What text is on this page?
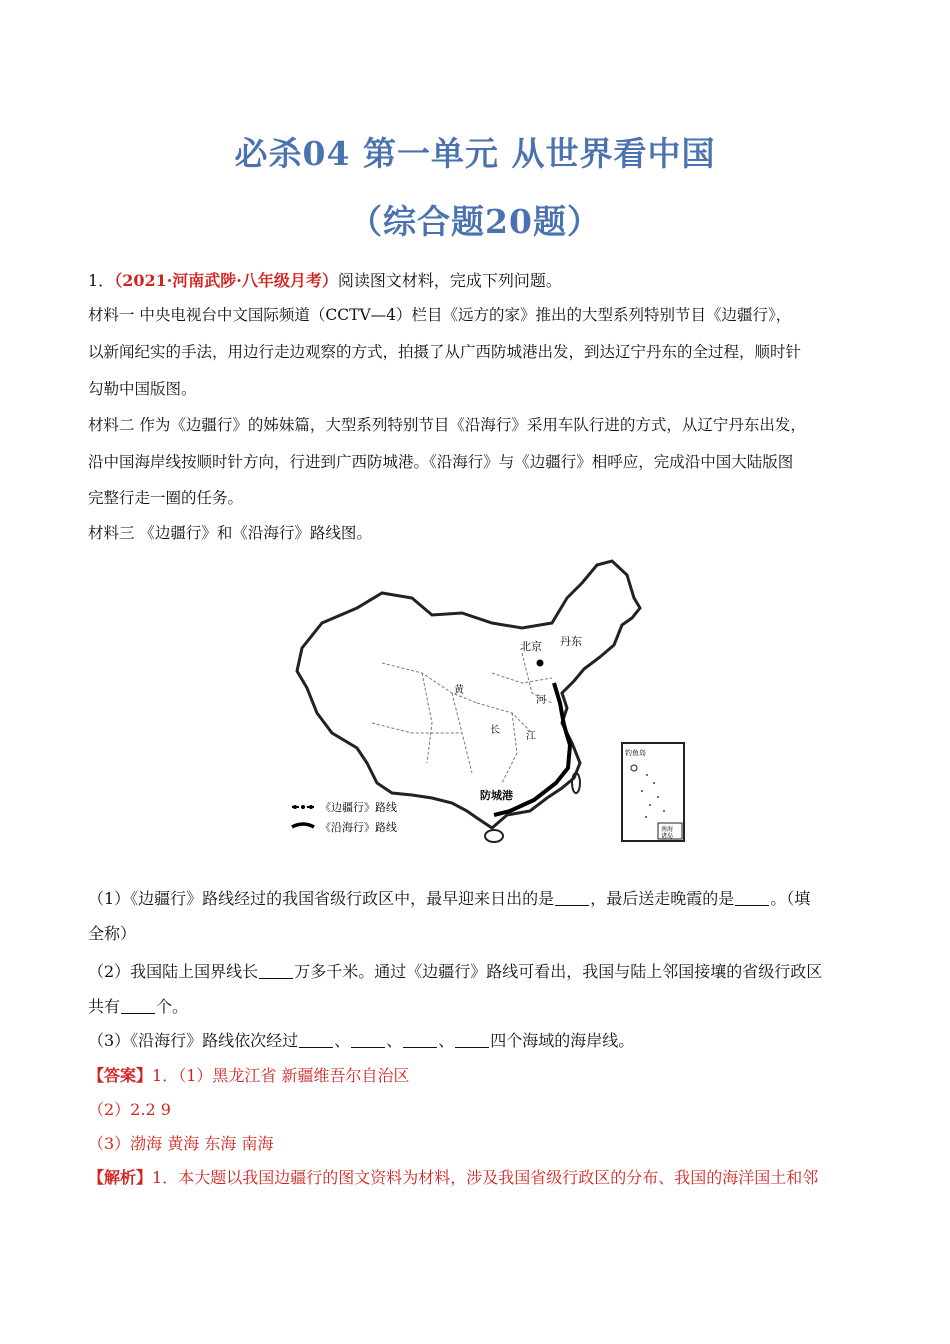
必杀04 第一单元 从世界看中国
（综合题20题）
1．（2021·河南武陟·八年级月考）阅读图文材料，完成下列问题。
材料一 中央电视台中文国际频道（CCTV—4）栏目《远方的家》推出的大型系列特别节目《边疆行》，
以新闻纪实的手法，用边行走边观察的方式，拍摄了从广西防城港出发，到达辽宁丹东的全过程，顺时针
勾勒中国版图。
材料二 作为《边疆行》的姊妹篇，大型系列特别节目《沿海行》采用车队行进的方式，从辽宁丹东出发，
沿中国海岸线按顺时针方向，行进到广西防城港。《沿海行》与《边疆行》相呼应，完成沿中国大陆版图
完整行走一圈的任务。
材料三 《边疆行》和《沿海行》路线图。
北京 丹东
防城港
黄
河
长
江
《边疆行》路线
《沿海行》路线
钓鱼岛
南海
诸岛
（1）《边疆行》路线经过的我国省级行政区中，最早迎来日出的是 ，最后送走晚霞的是 。（填
全称）
（2）我国陆上国界线长 万多千米。通过《边疆行》路线可看出，我国与陆上邻国接壤的省级行政区
共有 个。
（3）《沿海行》路线依次经过 、 、 、 四个海域的海岸线。
【答案】1．（1）黑龙江省 新疆维吾尔自治区
（2）2.2 9
（3）渤海 黄海 东海 南海
【解析】1．本大题以我国边疆行的图文资料为材料，涉及我国省级行政区的分布、我国的海洋国土和邻
